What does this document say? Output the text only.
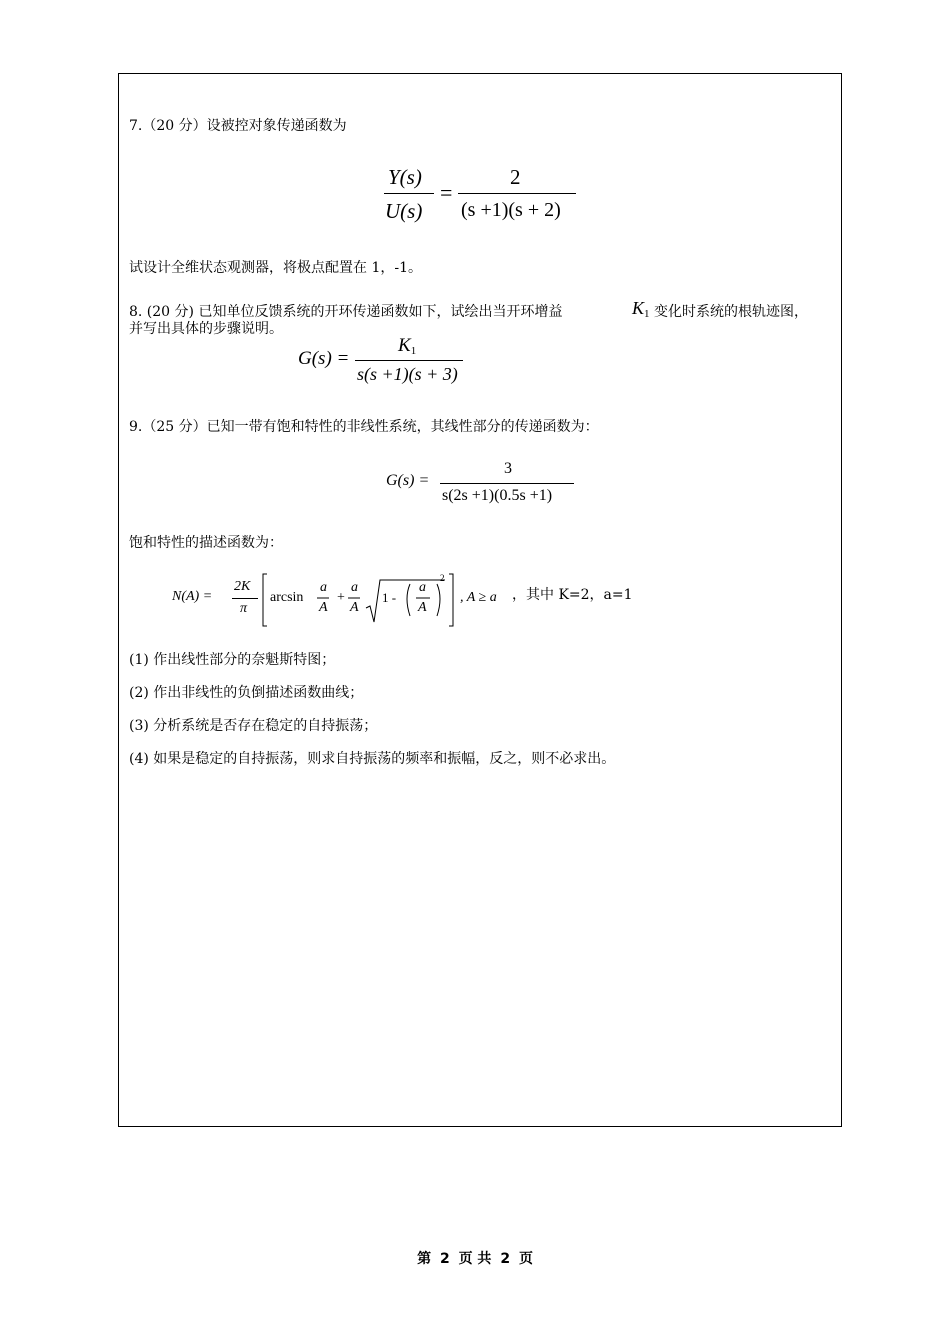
7.（20 分）设被控对象传递函数为
Y(s)
U(s)
=
2
(s +1)(s + 2)
试设计全维状态观测器，将极点配置在 1，-1。
8. (20 分) 已知单位反馈系统的开环传递函数如下，试绘出当开环增益	$K_1$ 变化时系统的根轨迹图，
并写出具体的步骤说明。
G(s) =
$K_1$
s(s +1)(s + 3)
9.（25 分）已知一带有饱和特性的非线性系统，其线性部分的传递函数为：
G(s) =
3
s(2s +1)(0.5s +1)
饱和特性的描述函数为：
N(A) =
2K
π
arcsin
a
A
+
a
A
1 -
a
A
2
, A ≥ a ，其中 K=2，a=1
(1) 作出线性部分的奈魁斯特图；
(2) 作出非线性的负倒描述函数曲线；
(3) 分析系统是否存在稳定的自持振荡；
(4) 如果是稳定的自持振荡，则求自持振荡的频率和振幅，反之，则不必求出。
第 2 页 共 2 页
